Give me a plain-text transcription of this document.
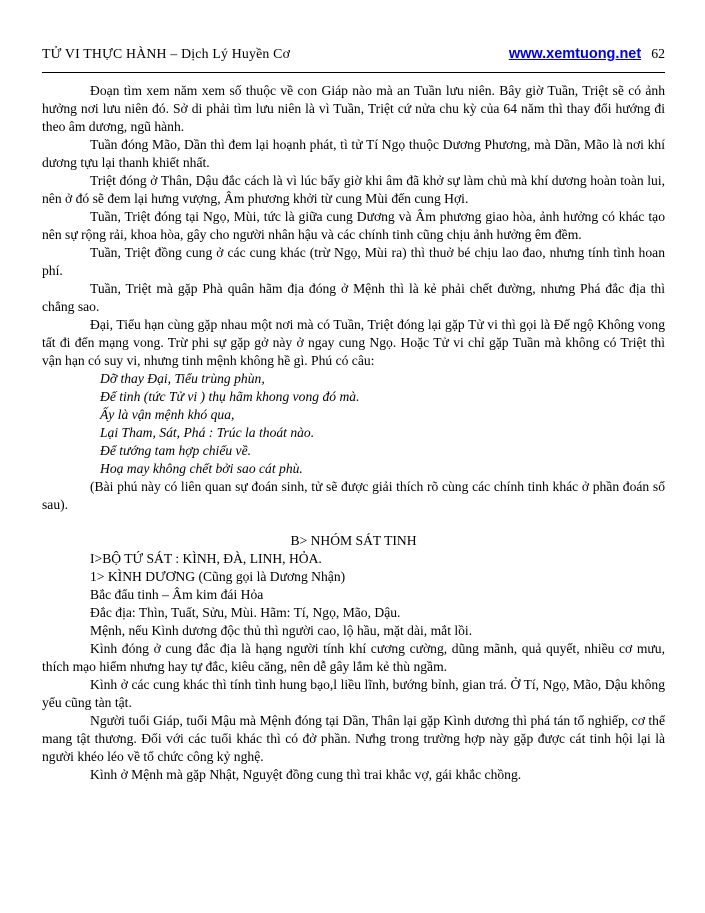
TỬ VI THỰC HÀNH – Dịch Lý Huyền Cơ	www.xemtuong.net 62

Đoạn tìm xem năm xem số thuộc về con Giáp nào mà an Tuần lưu niên. Bây giờ Tuần, Triệt sẽ có ảnh hưởng nơi lưu niên đó. Sở di phải tìm lưu niên là vì Tuần, Triệt cứ nửa chu kỳ của 64 năm thì thay đổi hướng đi theo âm dương, ngũ hành.

Tuần đóng Mão, Dần thì đem lại hoạnh phát, tì tử Tí Ngọ thuộc Dương Phương, mà Dần, Mão là nơi khí dương tựu lại thanh khiết nhất.

Triệt đóng ở Thân, Dậu đắc cách là vì lúc bấy giờ khi âm đã khở sự làm chủ mà khí dương hoàn toàn lui, nên ở đó sẽ đem lại hưng vượng, Âm phương khởi từ cung Mùi đến cung Hợi.

Tuần, Triệt đóng tại Ngọ, Mùi, tức là giữa cung Dương và Âm phương giao hòa, ảnh hưởng có khác tạo nên sự rộng rải, khoa hòa, gây cho người nhân hậu và các chính tinh cũng chịu ảnh hưởng êm đềm.

Tuần, Triệt đồng cung ở các cung khác (trừ Ngọ, Mùi ra) thì thuở bé chịu lao đao, nhưng tính tình hoan phí.

Tuần, Triệt mà gặp Phà quân hãm địa đóng ở Mệnh thì là kẻ phải chết đường, nhưng Phá đắc địa thì chẳng sao.

Đại, Tiểu hạn cùng gặp nhau một nơi mà có Tuần, Triệt đóng lại gặp Tử vi thì gọi là Đế ngộ Không vong tất đi đến mạng vong. Trừ phi sự gặp gở này ở ngay cung Ngọ. Hoặc Tử vi chỉ gặp Tuần mà không có Triệt thì vận hạn có suy vi, nhưng tinh mệnh không hề gì. Phú có câu:

Dỡ thay Đại, Tiểu trùng phùn,

Đế tinh (tức Tử vi ) thụ hãm khong vong đó mà.

Ấy là vận mệnh khó qua,

Lại Tham, Sát, Phá : Trúc la thoát nào.

Để tướng tam hợp chiếu về.

Hoạ may không chết bởi sao cát phù.

(Bài phú này có liên quan sự đoán sinh, tử sẽ được giải thích rõ cùng các chính tinh khác ở phần đoán số sau).

B> NHÓM SÁT TINH

I>BỘ TỨ SÁT : KÌNH, ĐÀ, LINH, HỎA.

1> KÌNH DƯƠNG (Cũng gọi là Dương Nhận)

Bắc đẩu tinh – Âm kim đái Hỏa

Đắc địa: Thìn, Tuất, Sửu, Mùi. Hãm: Tí, Ngọ, Mão, Dậu.

Mệnh, nếu Kình dương độc thủ thì người cao, lộ hầu, mặt dài, mắt lồi.

Kình đóng ở cung đắc địa là hạng người tính khí cương cường, dũng mãnh, quả quyết, nhiều cơ mưu, thích mạo hiểm nhưng hay tự đắc, kiêu căng, nên dễ gây lắm kẻ thù ngầm.

Kình ở các cung khác thì tính tình hung bạo,l liều lĩnh, bướng bỉnh, gian trá. Ở Tí, Ngọ, Mão, Dậu không yểu cũng tàn tật.

Người tuổi Giáp, tuổi Mậu mà Mệnh đóng tại Dần, Thân lại gặp Kình dương thì phá tán tổ nghiếp, cơ thể mang tật thương. Đối với các tuổi khác thì có đở phần. Nưhg trong trường hợp này gặp được cát tinh hội lại là người khéo léo về tổ chức công kỷ nghệ.

Kình ở Mệnh mà gặp Nhật, Nguyệt đồng cung thì trai khắc vợ, gái khắc chồng.
